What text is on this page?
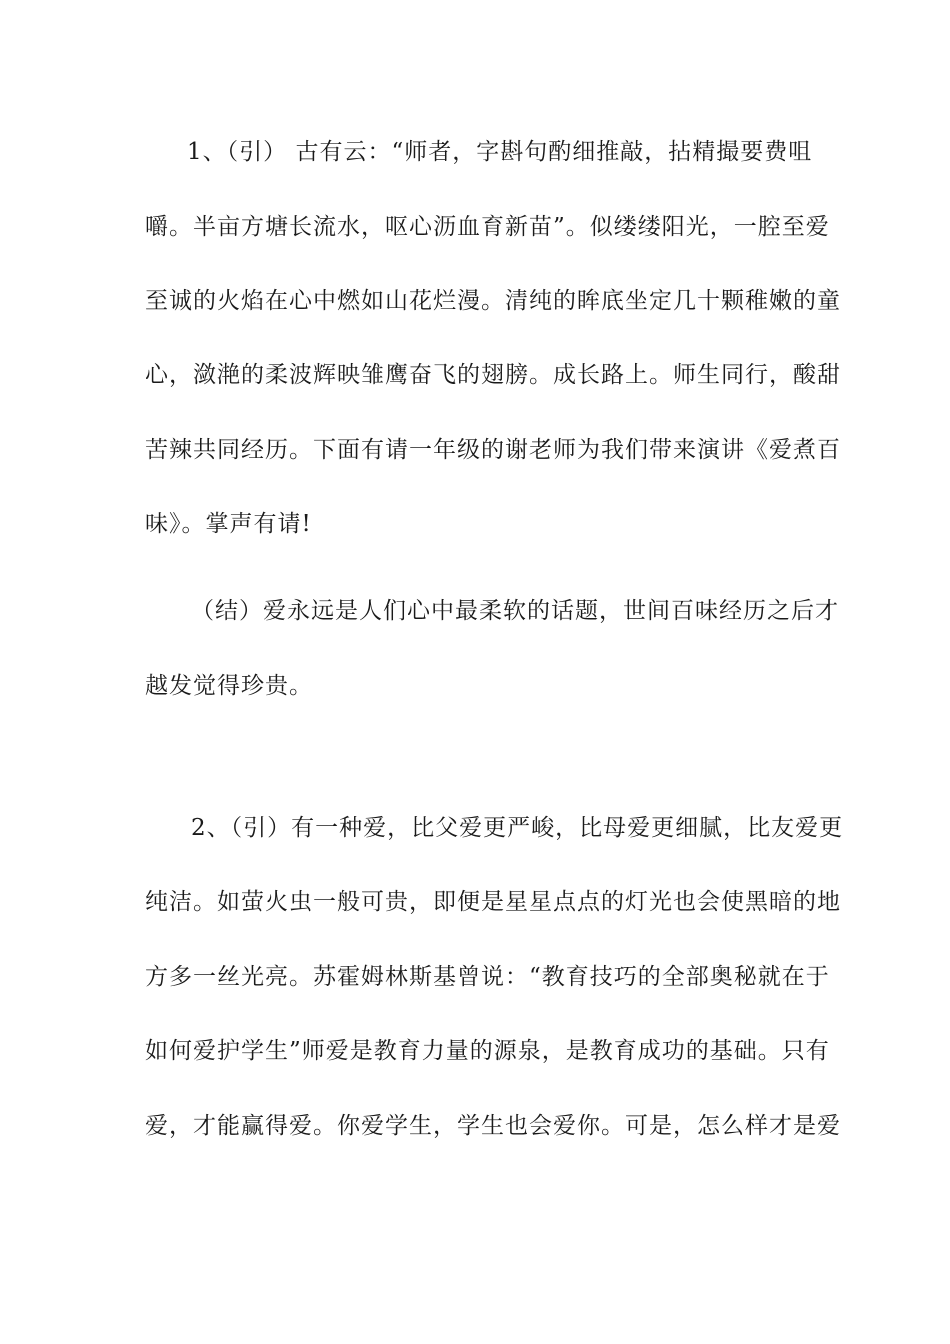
1、（引） 古有云：“师者，字斟句酌细推敲，拈精撮要费咀
嚼。半亩方塘长流水，呕心沥血育新苗”。似缕缕阳光，一腔至爱
至诚的火焰在心中燃如山花烂漫。清纯的眸底坐定几十颗稚嫩的童
心，潋滟的柔波辉映雏鹰奋飞的翅膀。成长路上。师生同行，酸甜
苦辣共同经历。下面有请一年级的谢老师为我们带来演讲《爱煮百
味》。掌声有请!
（结）爱永远是人们心中最柔软的话题，世间百味经历之后才
越发觉得珍贵。
2、（引）有一种爱，比父爱更严峻，比母爱更细腻，比友爱更
纯洁。如萤火虫一般可贵，即便是星星点点的灯光也会使黑暗的地
方多一丝光亮。苏霍姆林斯基曾说：“教育技巧的全部奥秘就在于
如何爱护学生”师爱是教育力量的源泉，是教育成功的基础。只有
爱，才能赢得爱。你爱学生，学生也会爱你。可是，怎么样才是爱
